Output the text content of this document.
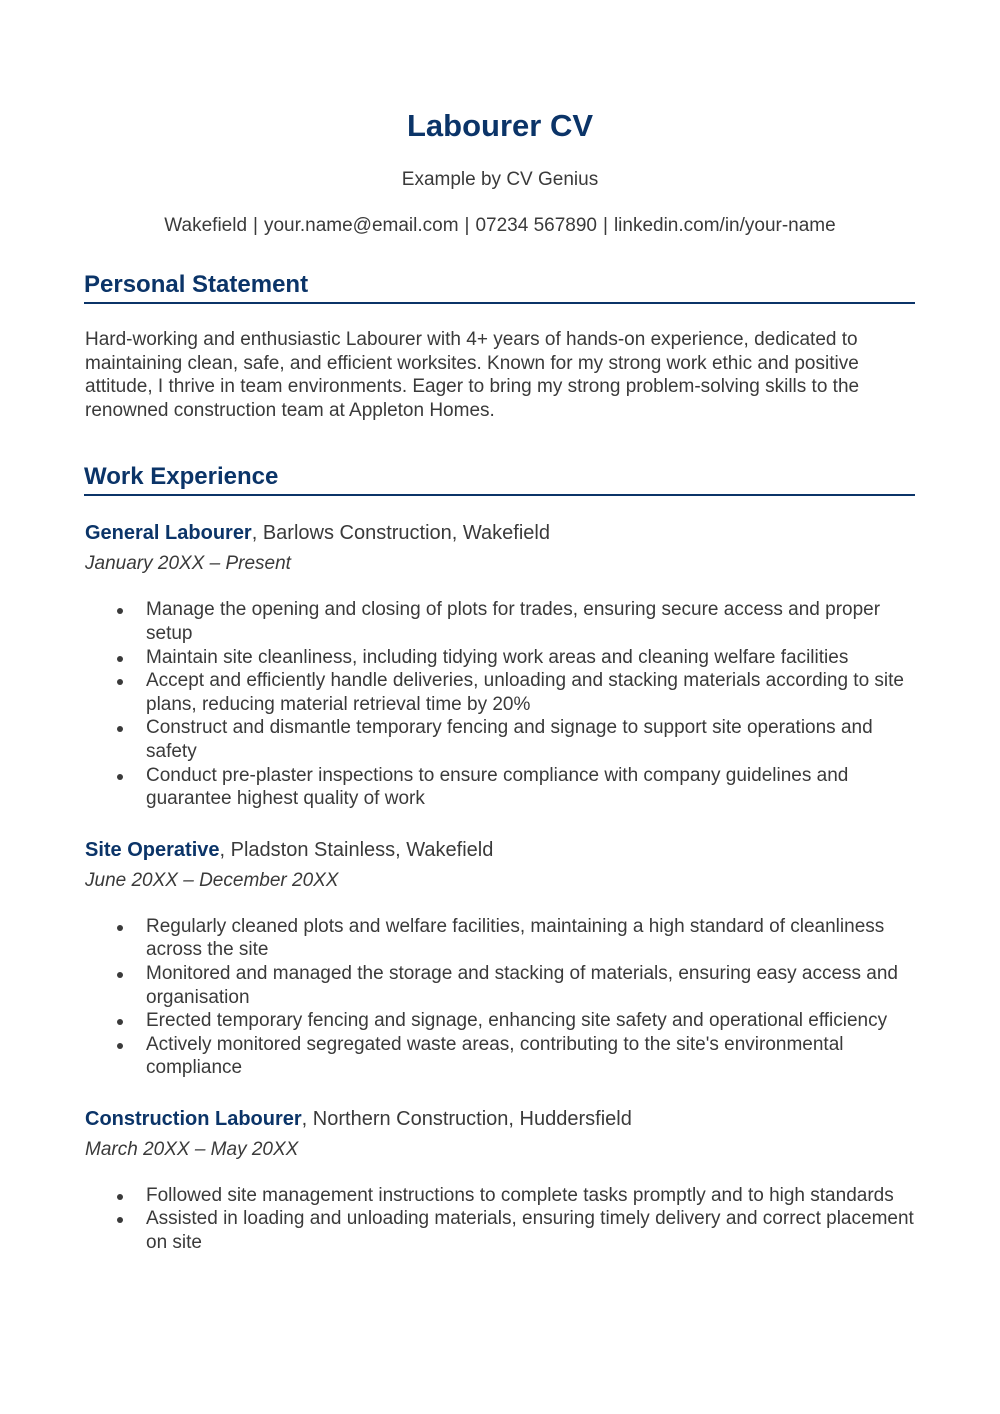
Labourer CV
Example by CV Genius
Wakefield | your.name@email.com | 07234 567890 | linkedin.com/in/your-name
Personal Statement

Hard-working and enthusiastic Labourer with 4+ years of hands-on experience, dedicated to maintaining clean, safe, and efficient worksites. Known for my strong work ethic and positive attitude, I thrive in team environments. Eager to bring my strong problem-solving skills to the renowned construction team at Appleton Homes.

Work Experience
General Labourer, Barlows Construction, Wakefield
January 20XX – Present
Manage the opening and closing of plots for trades, ensuring secure access and proper setup
Maintain site cleanliness, including tidying work areas and cleaning welfare facilities
Accept and efficiently handle deliveries, unloading and stacking materials according to site plans, reducing material retrieval time by 20%
Construct and dismantle temporary fencing and signage to support site operations and safety
Conduct pre-plaster inspections to ensure compliance with company guidelines and guarantee highest quality of work
Site Operative, Pladston Stainless, Wakefield
June 20XX – December 20XX
Regularly cleaned plots and welfare facilities, maintaining a high standard of cleanliness across the site
Monitored and managed the storage and stacking of materials, ensuring easy access and organisation
Erected temporary fencing and signage, enhancing site safety and operational efficiency
Actively monitored segregated waste areas, contributing to the site's environmental compliance
Construction Labourer, Northern Construction, Huddersfield
March 20XX – May 20XX
Followed site management instructions to complete tasks promptly and to high standards
Assisted in loading and unloading materials, ensuring timely delivery and correct placement on site
